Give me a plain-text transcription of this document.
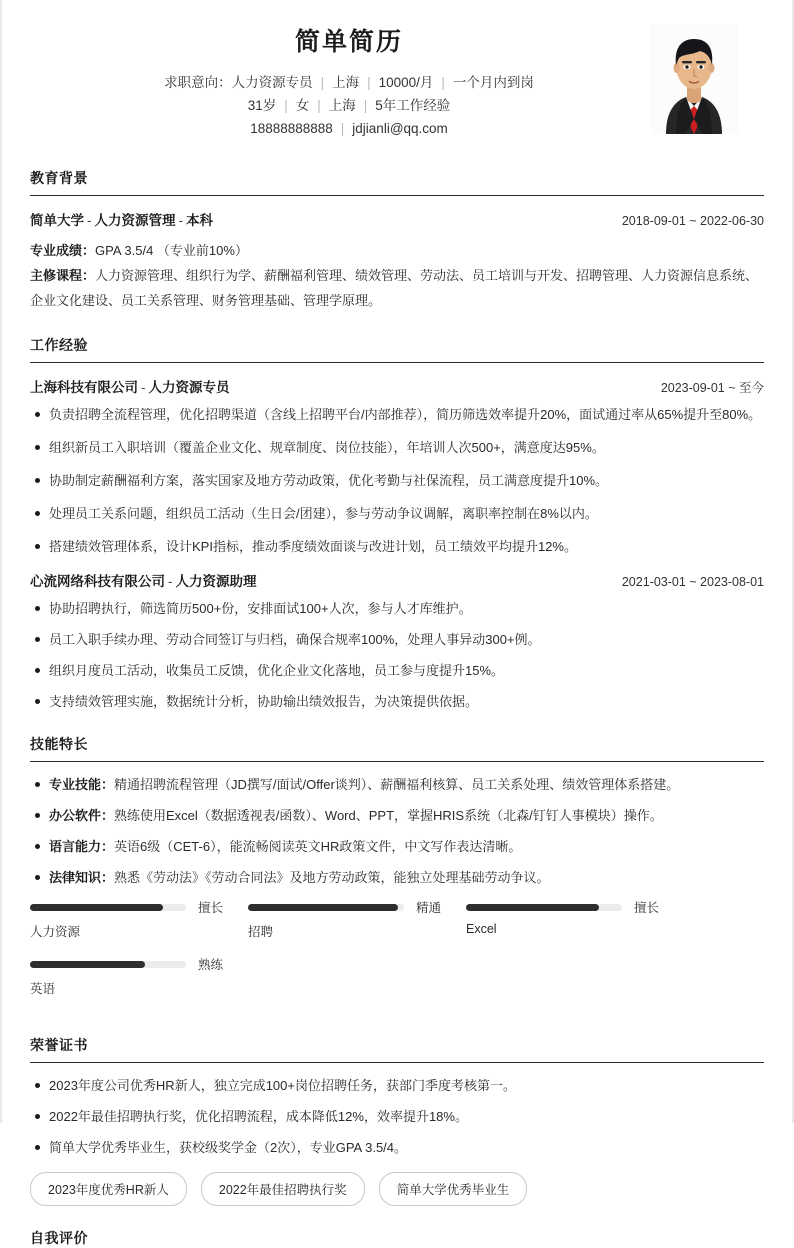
简单简历
求职意向：人力资源专员 | 上海 | 10000/月 | 一个月内到岗
31岁 | 女 | 上海 | 5年工作经验
18888888888 | jdjianli@qq.com
教育背景
简单大学 - 人力资源管理 - 本科	2018-09-01 ~ 2022-06-30
专业成绩：GPA 3.5/4 （专业前10%）
主修课程：人力资源管理、组织行为学、薪酬福利管理、绩效管理、劳动法、员工培训与开发、招聘管理、人力资源信息系统、企业文化建设、员工关系管理、财务管理基础、管理学原理。
工作经验
上海科技有限公司 - 人力资源专员	2023-09-01 ~ 至今
负责招聘全流程管理，优化招聘渠道（含线上招聘平台/内部推荐），简历筛选效率提升20%，面试通过率从65%提升至80%。
组织新员工入职培训（覆盖企业文化、规章制度、岗位技能），年培训人次500+，满意度达95%。
协助制定薪酬福利方案，落实国家及地方劳动政策，优化考勤与社保流程，员工满意度提升10%。
处理员工关系问题，组织员工活动（生日会/团建），参与劳动争议调解，离职率控制在8%以内。
搭建绩效管理体系，设计KPI指标，推动季度绩效面谈与改进计划，员工绩效平均提升12%。
心流网络科技有限公司 - 人力资源助理	2021-03-01 ~ 2023-08-01
协助招聘执行，筛选简历500+份，安排面试100+人次，参与人才库维护。
员工入职手续办理、劳动合同签订与归档，确保合规率100%，处理人事异动300+例。
组织月度员工活动，收集员工反馈，优化企业文化落地，员工参与度提升15%。
支持绩效管理实施，数据统计分析，协助输出绩效报告，为决策提供依据。
技能特长
专业技能：精通招聘流程管理（JD撰写/面试/Offer谈判）、薪酬福利核算、员工关系处理、绩效管理体系搭建。
办公软件：熟练使用Excel（数据透视表/函数）、Word、PPT，掌握HRIS系统（北森/钉钉人事模块）操作。
语言能力：英语6级（CET-6），能流畅阅读英文HR政策文件，中文写作表达清晰。
法律知识：熟悉《劳动法》《劳动合同法》及地方劳动政策，能独立处理基础劳动争议。
擅长
人力资源
精通
招聘
擅长
Excel
熟练
英语
荣誉证书
2023年度公司优秀HR新人，独立完成100+岗位招聘任务，获部门季度考核第一。
2022年最佳招聘执行奖，优化招聘流程，成本降低12%，效率提升18%。
简单大学优秀毕业生，获校级奖学金（2次），专业GPA 3.5/4。
2023年度优秀HR新人	2022年最佳招聘执行奖	简单大学优秀毕业生
自我评价
